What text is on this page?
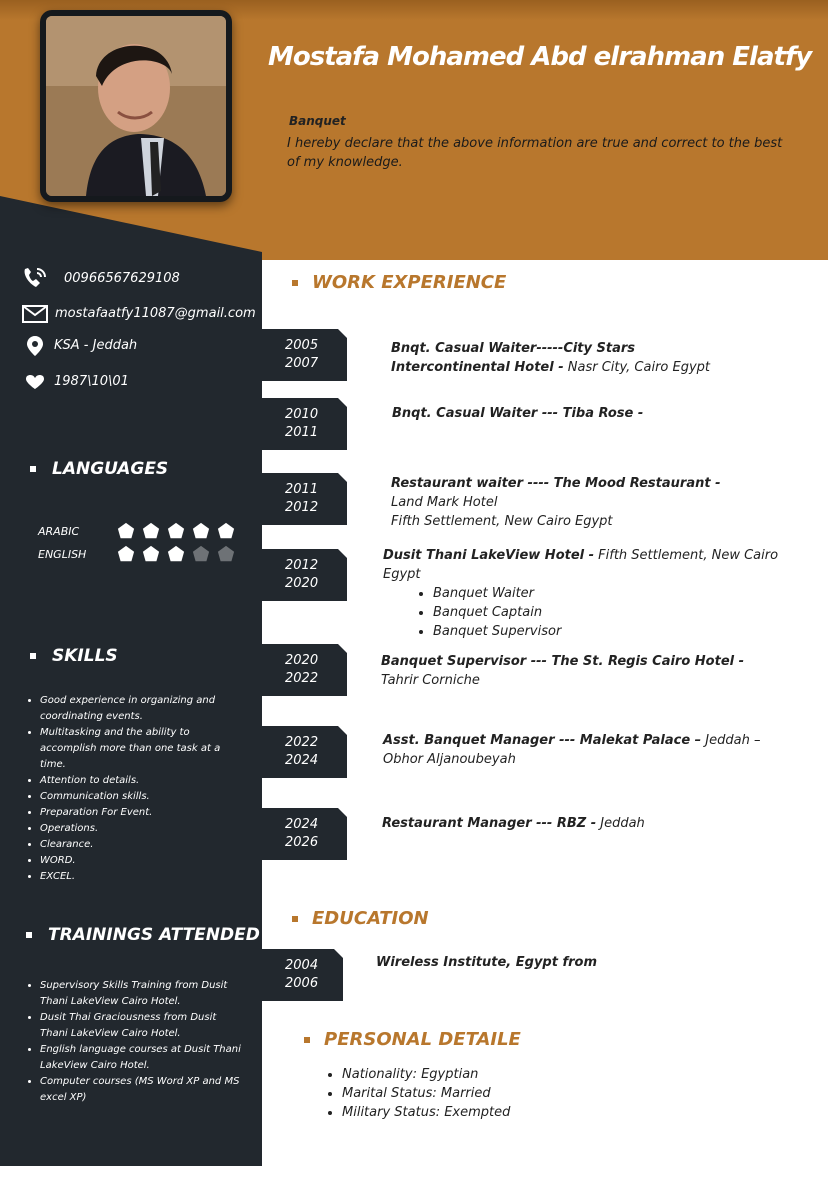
Mostafa Mohamed Abd elrahman Elatfy
Banquet
I hereby declare that the above information are true and correct to the best of my knowledge.
00966567629108
mostafaatfy11087@gmail.com
KSA - Jeddah
1987\10\01
LANGUAGES
ARABIC
ENGLISH
SKILLS
• Good experience in organizing and coordinating events.
• Multitasking and the ability to accomplish more than one task at a time.
• Attention to details.
• Communication skills.
• Preparation For Event.
• Operations.
• Clearance.
• WORD.
• EXCEL.
TRAININGS ATTENDED
• Supervisory Skills Training from Dusit Thani LakeView Cairo Hotel.
• Dusit Thai Graciousness from Dusit Thani LakeView Cairo Hotel.
• English language courses at Dusit Thani LakeView Cairo Hotel.
• Computer courses (MS Word XP and MS excel XP)
WORK EXPERIENCE
2005
2007
Bnqt. Casual Waiter-----City Stars Intercontinental Hotel - Nasr City, Cairo Egypt
2010
2011
Bnqt. Casual Waiter --- Tiba Rose -
2011
2012
Restaurant waiter ---- The Mood Restaurant -
Land Mark Hotel
Fifth Settlement, New Cairo Egypt
2012
2020
Dusit Thani LakeView Hotel - Fifth Settlement, New Cairo Egypt
• Banquet Waiter
• Banquet Captain
• Banquet Supervisor
2020
2022
Banquet Supervisor --- The St. Regis Cairo Hotel - Tahrir Corniche
2022
2024
Asst. Banquet Manager --- Malekat Palace – Jeddah – Obhor Aljanoubeyah
2024
2026
Restaurant Manager --- RBZ - Jeddah
EDUCATION
2004
2006
Wireless Institute, Egypt from
PERSONAL DETAILE
• Nationality: Egyptian
• Marital Status: Married
• Military Status: Exempted
